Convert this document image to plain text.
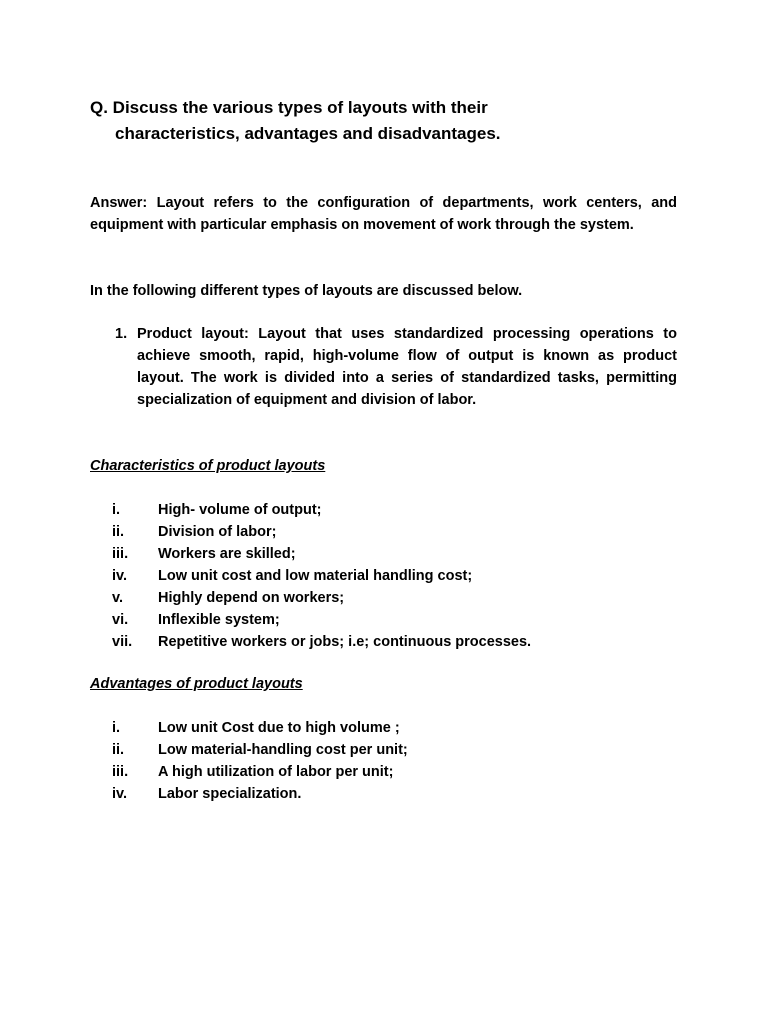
Q. Discuss the various types of layouts with their
characteristics, advantages and disadvantages.
Answer: Layout refers to the configuration of departments, work centers, and equipment with particular emphasis on movement of work through the system.
In the following different types of layouts are discussed below.
1. Product layout: Layout that uses standardized processing operations to achieve smooth, rapid, high-volume flow of output is known as product layout. The work is divided into a series of standardized tasks, permitting specialization of equipment and division of labor.
Characteristics of product layouts
i.	High- volume of output;
ii. Division of labor;
iii. Workers are skilled;
iv. Low unit cost and low material handling cost;
v. Highly depend on workers;
vi. Inflexible system;
vii. Repetitive workers or jobs; i.e; continuous processes.
Advantages of product layouts
i.	Low unit Cost due to high volume ;
ii. Low material-handling cost per unit;
iii. A high utilization of labor per unit;
iv. Labor specialization.
